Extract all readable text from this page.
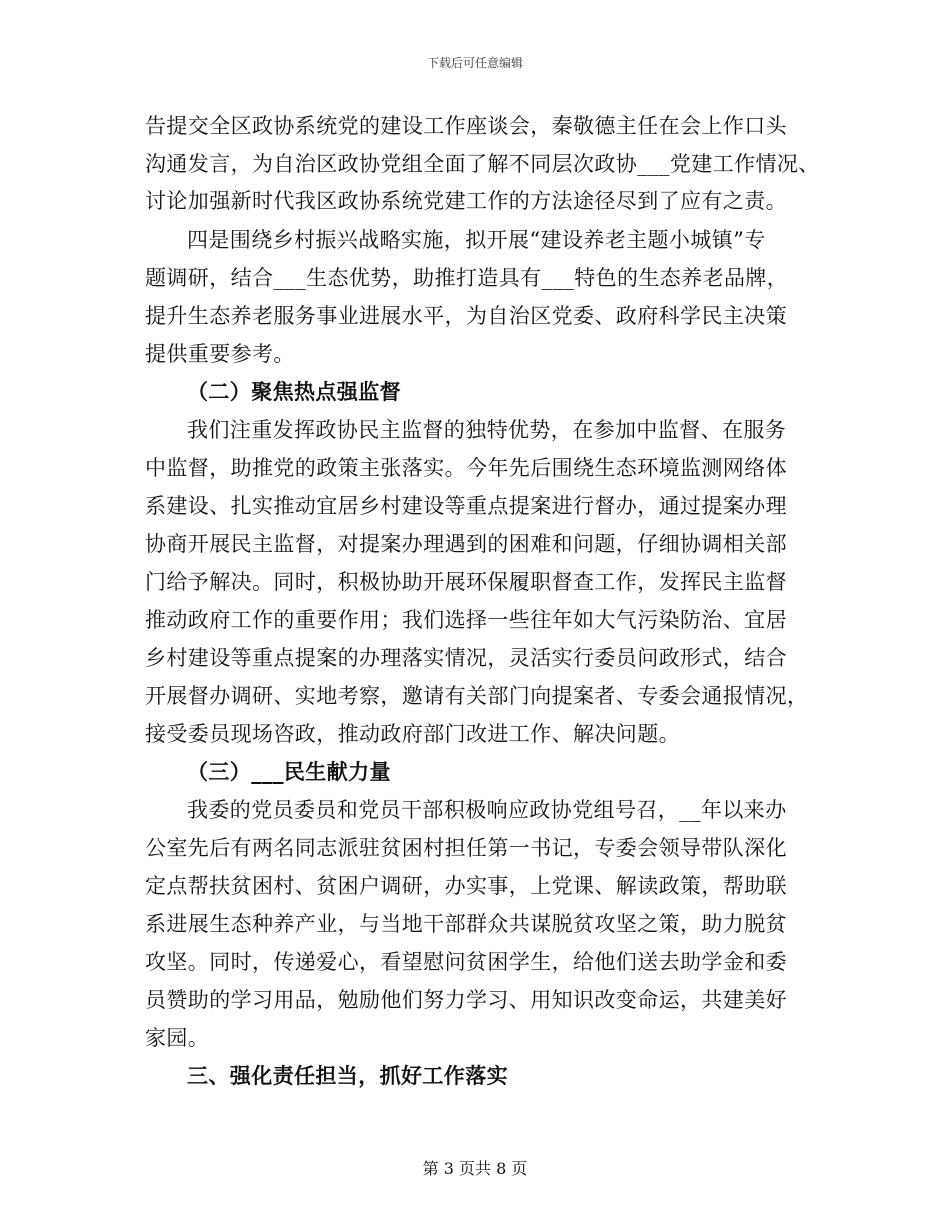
下载后可任意编辑
告提交全区政协系统党的建设工作座谈会，秦敬德主任在会上作口头
沟通发言，为自治区政协党组全面了解不同层次政协___党建工作情况、
讨论加强新时代我区政协系统党建工作的方法途径尽到了应有之责。
四是围绕乡村振兴战略实施，拟开展“建设养老主题小城镇”专
题调研，结合___生态优势，助推打造具有___特色的生态养老品牌，
提升生态养老服务事业进展水平，为自治区党委、政府科学民主决策
提供重要参考。
（二）聚焦热点强监督
我们注重发挥政协民主监督的独特优势，在参加中监督、在服务
中监督，助推党的政策主张落实。今年先后围绕生态环境监测网络体
系建设、扎实推动宜居乡村建设等重点提案进行督办，通过提案办理
协商开展民主监督，对提案办理遇到的困难和问题，仔细协调相关部
门给予解决。同时，积极协助开展环保履职督查工作，发挥民主监督
推动政府工作的重要作用；我们选择一些往年如大气污染防治、宜居
乡村建设等重点提案的办理落实情况，灵活实行委员问政形式，结合
开展督办调研、实地考察，邀请有关部门向提案者、专委会通报情况，
接受委员现场咨政，推动政府部门改进工作、解决问题。
（三）___民生献力量
我委的党员委员和党员干部积极响应政协党组号召，__年以来办
公室先后有两名同志派驻贫困村担任第一书记，专委会领导带队深化
定点帮扶贫困村、贫困户调研，办实事，上党课、解读政策，帮助联
系进展生态种养产业，与当地干部群众共谋脱贫攻坚之策，助力脱贫
攻坚。同时，传递爱心，看望慰问贫困学生，给他们送去助学金和委
员赞助的学习用品，勉励他们努力学习、用知识改变命运，共建美好
家园。
三、强化责任担当，抓好工作落实
第 3 页共 8 页
